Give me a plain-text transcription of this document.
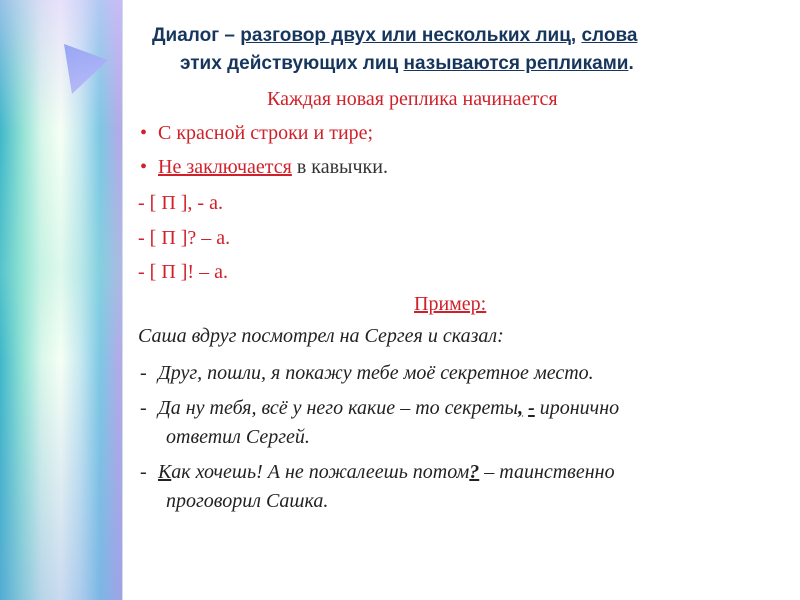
Диалог – разговор двух или нескольких лиц, слова
этих действующих лиц называются репликами.
Каждая новая реплика начинается
• С красной строки и тире;
• Не заключается в кавычки.
- [ П ], - а.
- [ П ]? – а.
- [ П ]! – а.
Пример:
Саша вдруг посмотрел на Сергея и сказал:
- Друг, пошли, я покажу тебе моё секретное место.
- Да ну тебя, всё у него какие – то секреты, - иронично
ответил Сергей.
- Как хочешь! А не пожалеешь потом? – таинственно
проговорил Сашка.
